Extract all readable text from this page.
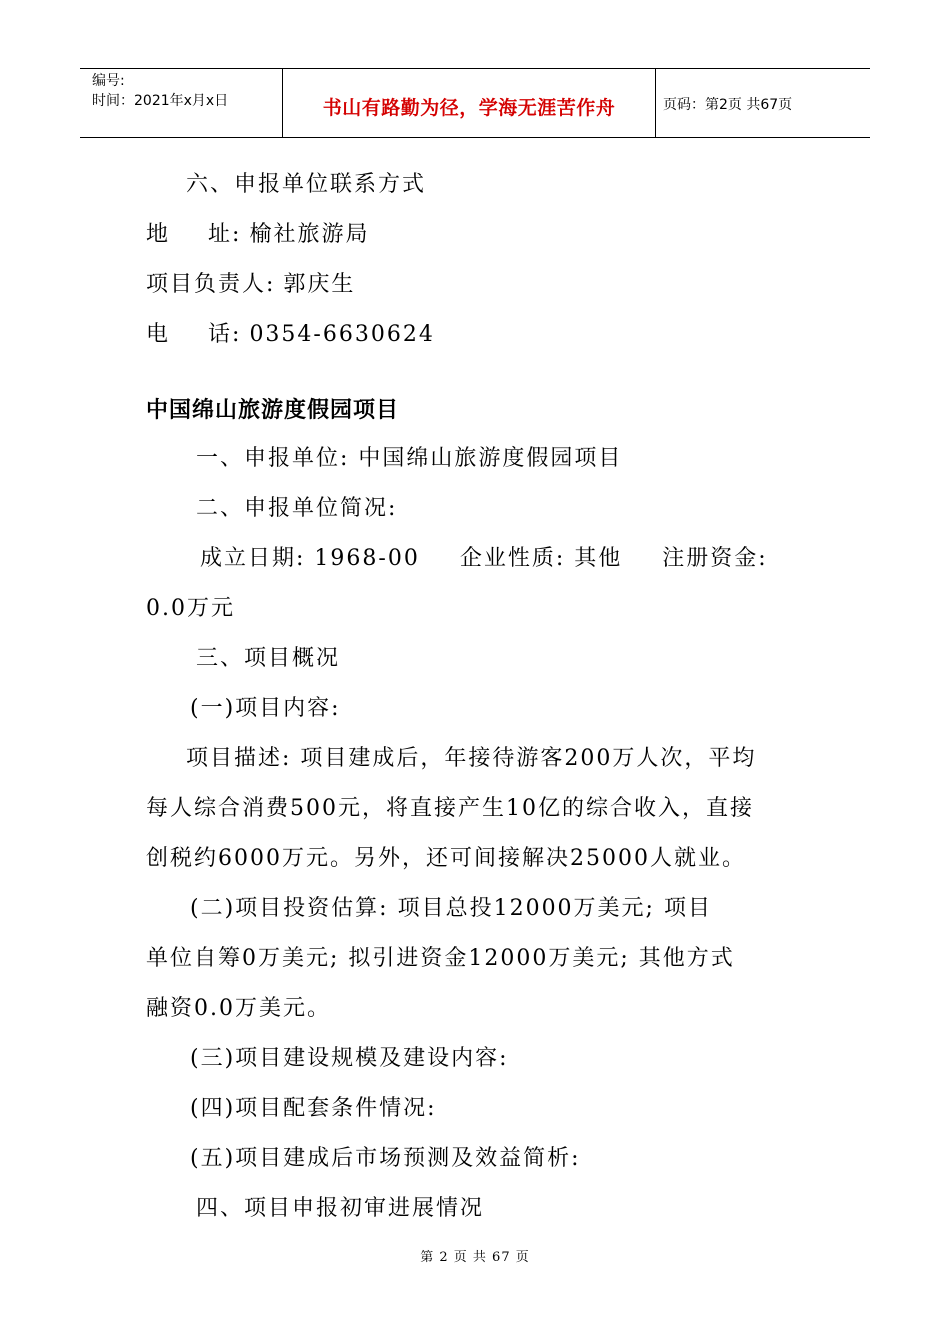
编号:
时间：2021年x月x日	书山有路勤为径，学海无涯苦作舟	页码：第2页 共67页
六、申报单位联系方式
地 址: 榆社旅游局
项目负责人: 郭庆生
电 话: 0354-6630624
中国绵山旅游度假园项目
一、申报单位: 中国绵山旅游度假园项目
二、申报单位简况:
成立日期: 1968-00 企业性质: 其他 注册资金:
0.0万元
三、项目概况
(一)项目内容:
项目描述: 项目建成后，年接待游客200万人次，平均
每人综合消费500元，将直接产生10亿的综合收入，直接
创税约6000万元。另外，还可间接解决25000人就业。
(二)项目投资估算: 项目总投12000万美元; 项目
单位自筹0万美元; 拟引进资金12000万美元; 其他方式
融资0.0万美元。
(三)项目建设规模及建设内容:
(四)项目配套条件情况:
(五)项目建成后市场预测及效益简析:
四、项目申报初审进展情况
第 2 页 共 67 页
